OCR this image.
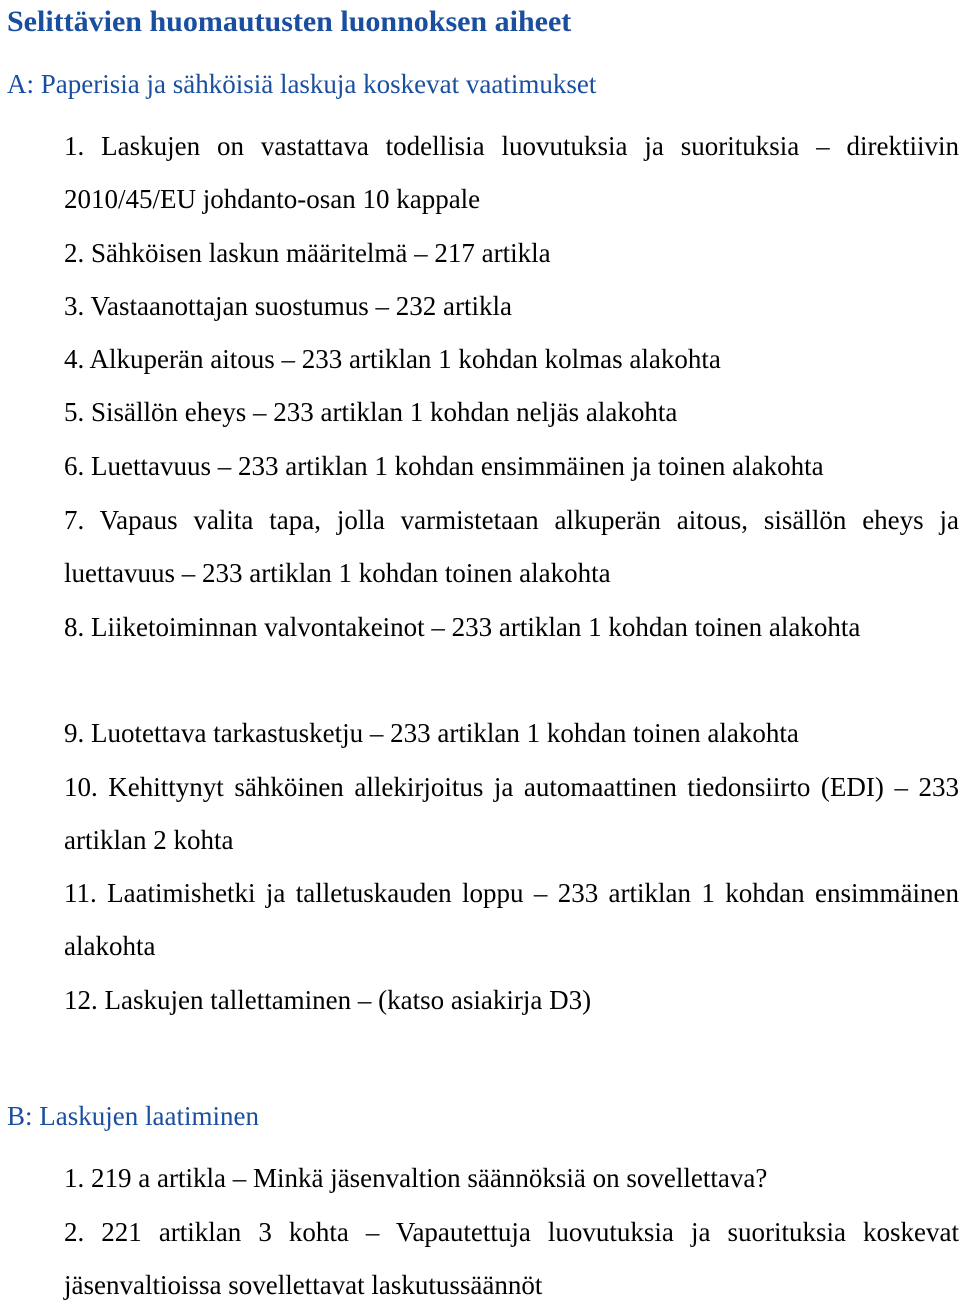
Selittävien huomautusten luonnoksen aiheet
A: Paperisia ja sähköisiä laskuja koskevat vaatimukset

1. Laskujen on vastattava todellisia luovutuksia ja suorituksia – direktiivin 2010/45/EU johdanto-osan 10 kappale

2. Sähköisen laskun määritelmä – 217 artikla

3. Vastaanottajan suostumus – 232 artikla

4. Alkuperän aitous – 233 artiklan 1 kohdan kolmas alakohta

5. Sisällön eheys – 233 artiklan 1 kohdan neljäs alakohta

6. Luettavuus – 233 artiklan 1 kohdan ensimmäinen ja toinen alakohta

7. Vapaus valita tapa, jolla varmistetaan alkuperän aitous, sisällön eheys ja luettavuus – 233 artiklan 1 kohdan toinen alakohta

8. Liiketoiminnan valvontakeinot – 233 artiklan 1 kohdan toinen alakohta

9. Luotettava tarkastusketju – 233 artiklan 1 kohdan toinen alakohta

10. Kehittynyt sähköinen allekirjoitus ja automaattinen tiedonsiirto (EDI) – 233 artiklan 2 kohta

11. Laatimishetki ja talletuskauden loppu – 233 artiklan 1 kohdan ensimmäinen alakohta

12. Laskujen tallettaminen – (katso asiakirja D3)

B: Laskujen laatiminen

1. 219 a artikla – Minkä jäsenvaltion säännöksiä on sovellettava?

2. 221 artiklan 3 kohta – Vapautettuja luovutuksia ja suorituksia koskevat jäsenvaltioissa sovellettavat laskutussäännöt
